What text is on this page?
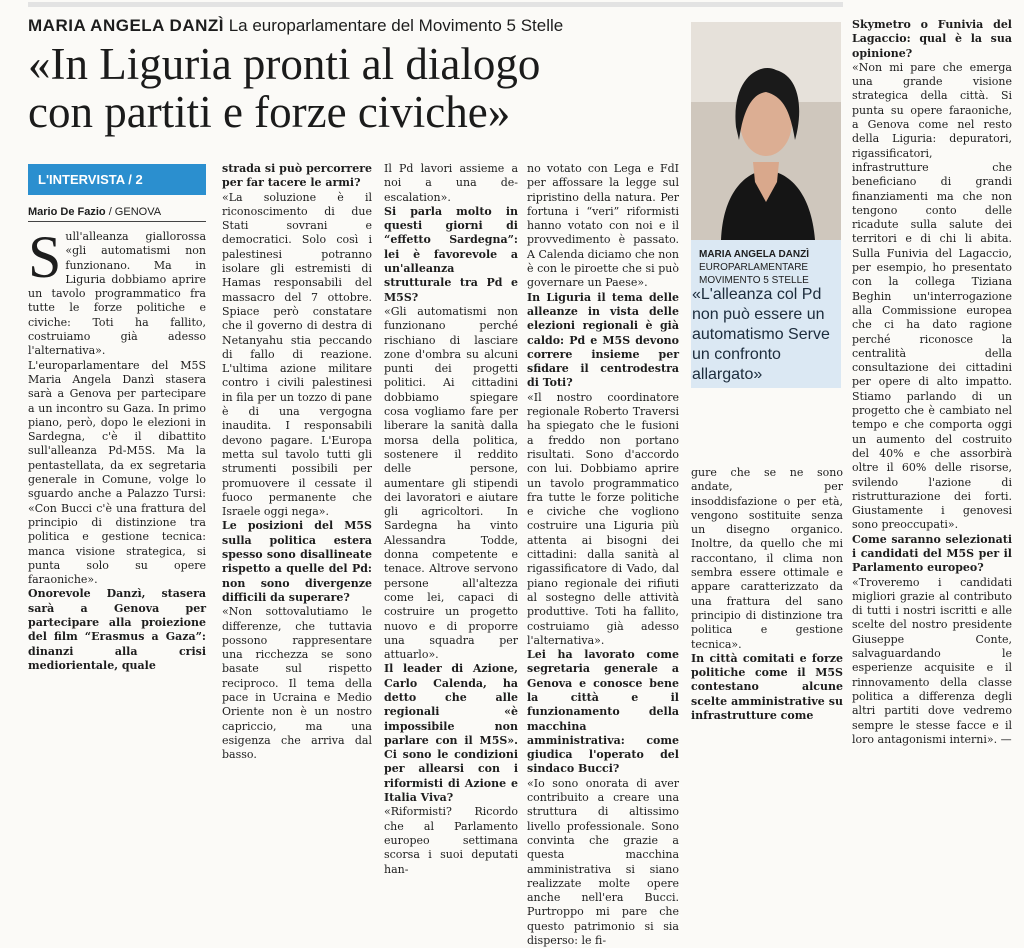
MARIA ANGELA DANZÌ La europarlamentare del Movimento 5 Stelle
«In Liguria pronti al dialogo
con partiti e forze civiche»
L'INTERVISTA / 2
Mario De Fazio / GENOVA
S ull'alleanza giallorossa «gli automatismi non funzionano. Ma in Liguria dobbiamo aprire un tavolo programmatico fra tutte le forze politiche e civiche: Toti ha fallito, costruiamo già adesso l'alternativa». L'europarlamentare del M5S Maria Angela Danzì stasera sarà a Genova per partecipare a un incontro su Gaza. In primo piano, però, dopo le elezioni in Sardegna, c'è il dibattito sull'alleanza Pd-M5S. Ma la pentastellata, da ex segretaria generale in Comune, volge lo sguardo anche a Palazzo Tursi: «Con Bucci c'è una frattura del principio di distinzione tra politica e gestione tecnica: manca visione strategica, si punta solo su opere faraoniche».

Onorevole Danzì, stasera sarà a Genova per partecipare alla proiezione del film “Erasmus a Gaza”: dinanzi alla crisi mediorientale, quale

strada si può percorrere per far tacere le armi?

«La soluzione è il riconoscimento di due Stati sovrani e democratici. Solo così i palestinesi potranno isolare gli estremisti di Hamas responsabili del massacro del 7 ottobre. Spiace però constatare che il governo di destra di Netanyahu stia peccando di fallo di reazione. L'ultima azione militare contro i civili palestinesi in fila per un tozzo di pane è di una vergogna inaudita. I responsabili devono pagare. L'Europa metta sul tavolo tutti gli strumenti possibili per promuovere il cessate il fuoco permanente che Israele oggi nega».

Le posizioni del M5S sulla politica estera spesso sono disallineate rispetto a quelle del Pd: non sono divergenze difficili da superare?

«Non sottovalutiamo le differenze, che tuttavia possono rappresentare una ricchezza se sono basate sul rispetto reciproco. Il tema della pace in Ucraina e Medio Oriente non è un nostro capriccio, ma una esigenza che arriva dal basso.

Il Pd lavori assieme a noi a una de-escalation».

Si parla molto in questi giorni di “effetto Sardegna”: lei è favorevole a un'alleanza strutturale tra Pd e M5S?

«Gli automatismi non funzionano perché rischiano di lasciare zone d'ombra su alcuni punti dei progetti politici. Ai cittadini dobbiamo spiegare cosa vogliamo fare per liberare la sanità dalla morsa della politica, sostenere il reddito delle persone, aumentare gli stipendi dei lavoratori e aiutare gli agricoltori. In Sardegna ha vinto Alessandra Todde, donna competente e tenace. Altrove servono persone all'altezza come lei, capaci di costruire un progetto nuovo e di proporre una squadra per attuarlo».

Il leader di Azione, Carlo Calenda, ha detto che alle regionali «è impossibile non parlare con il M5S». Ci sono le condizioni per allearsi con i riformisti di Azione e Italia Viva?

«Riformisti? Ricordo che al Parlamento europeo settimana scorsa i suoi deputati han-

no votato con Lega e FdI per affossare la legge sul ripristino della natura. Per fortuna i “veri” riformisti hanno votato con noi e il provvedimento è passato. A Calenda diciamo che non è con le piroette che si può governare un Paese».

In Liguria il tema delle alleanze in vista delle elezioni regionali è già caldo: Pd e M5S devono correre insieme per sfidare il centrodestra di Toti?

«Il nostro coordinatore regionale Roberto Traversi ha spiegato che le fusioni a freddo non portano risultati. Sono d'accordo con lui. Dobbiamo aprire un tavolo programmatico fra tutte le forze politiche e civiche che vogliono costruire una Liguria più attenta ai bisogni dei cittadini: dalla sanità al rigassificatore di Vado, dal piano regionale dei rifiuti al sostegno delle attività produttive. Toti ha fallito, costruiamo già adesso l'alternativa».

Lei ha lavorato come segretaria generale a Genova e conosce bene la città e il funzionamento della macchina amministrativa: come giudica l'operato del sindaco Bucci?

«Io sono onorata di aver contribuito a creare una struttura di altissimo livello professionale. Sono convinta che grazie a questa macchina amministrativa si siano realizzate molte opere anche nell'era Bucci. Purtroppo mi pare che questo patrimonio si sia disperso: le fi-

MARIA ANGELA DANZÌ
EUROPARLAMENTARE
MOVIMENTO 5 STELLE
«L'alleanza col Pd non può essere un automatismo Serve un confronto allargato»

gure che se ne sono andate, per insoddisfazione o per età, vengono sostituite senza un disegno organico. Inoltre, da quello che mi raccontano, il clima non sembra essere ottimale e appare caratterizzato da una frattura del sano principio di distinzione tra politica e gestione tecnica».

In città comitati e forze politiche come il M5S contestano alcune scelte amministrative su infrastrutture come

Skymetro o Funivia del Lagaccio: qual è la sua opinione?

«Non mi pare che emerga una grande visione strategica della città. Si punta su opere faraoniche, a Genova come nel resto della Liguria: depuratori, rigassificatori, infrastrutture che beneficiano di grandi finanziamenti ma che non tengono conto delle ricadute sulla salute dei territori e di chi li abita. Sulla Funivia del Lagaccio, per esempio, ho presentato con la collega Tiziana Beghin un'interrogazione alla Commissione europea che ci ha dato ragione perché riconosce la centralità della consultazione dei cittadini per opere di alto impatto. Stiamo parlando di un progetto che è cambiato nel tempo e che comporta oggi un aumento del costruito del 40% e che assorbirà oltre il 60% delle risorse, svilendo l'azione di ristrutturazione dei forti. Giustamente i genovesi sono preoccupati».

Come saranno selezionati i candidati del M5S per il Parlamento europeo?

«Troveremo i candidati migliori grazie al contributo di tutti i nostri iscritti e alle scelte del nostro presidente Giuseppe Conte, salvaguardando le esperienze acquisite e il rinnovamento della classe politica a differenza degli altri partiti dove vedremo sempre le stesse facce e il loro antagonismi interni». —
